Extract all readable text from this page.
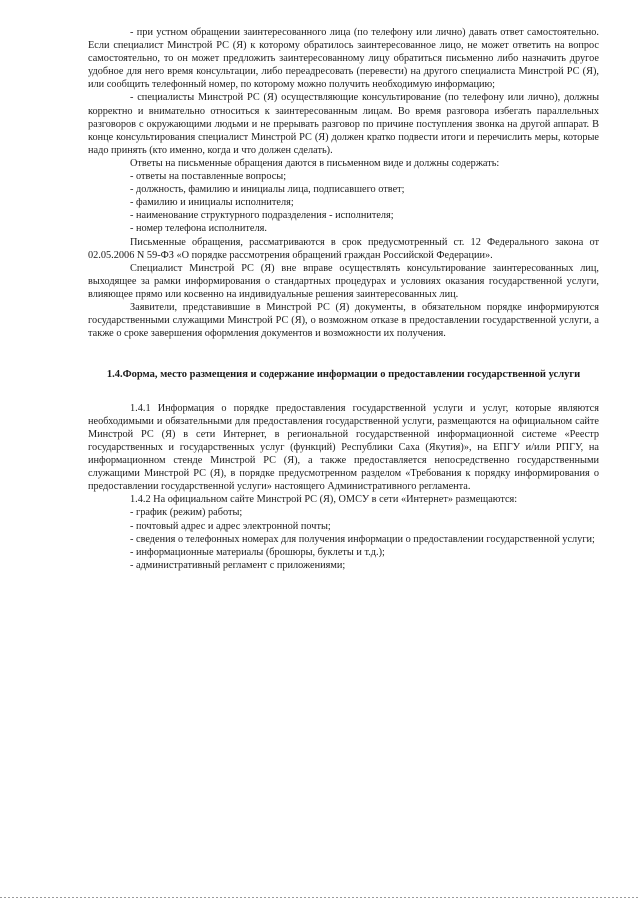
- при устном обращении заинтересованного лица (по телефону или лично) давать ответ самостоятельно. Если специалист Минстрой РС (Я) к которому обратилось заинтересованное лицо, не может ответить на вопрос самостоятельно, то он может предложить заинтересованному лицу обратиться письменно либо назначить другое удобное для него время консультации, либо переадресовать (перевести) на другого специалиста Минстрой РС (Я), или сообщить телефонный номер, по которому можно получить необходимую информацию;

- специалисты Минстрой РС (Я) осуществляющие консультирование (по телефону или лично), должны корректно и внимательно относиться к заинтересованным лицам. Во время разговора избегать параллельных разговоров с окружающими людьми и не прерывать разговор по причине поступления звонка на другой аппарат. В конце консультирования специалист Минстрой РС (Я) должен кратко подвести итоги и перечислить меры, которые надо принять (кто именно, когда и что должен сделать).

Ответы на письменные обращения даются в письменном виде и должны содержать:

- ответы на поставленные вопросы;

- должность, фамилию и инициалы лица, подписавшего ответ;

- фамилию и инициалы исполнителя;

- наименование структурного подразделения - исполнителя;

- номер телефона исполнителя.

Письменные обращения, рассматриваются в срок предусмотренный ст. 12 Федерального закона от 02.05.2006 N 59-ФЗ «О порядке рассмотрения обращений граждан Российской Федерации».

Специалист Минстрой РС (Я) вне вправе осуществлять консультирование заинтересованных лиц, выходящее за рамки информирования о стандартных процедурах и условиях оказания государственной услуги, влияющее прямо или косвенно на индивидуальные решения заинтересованных лиц.

Заявители, представившие в Минстрой РС (Я) документы, в обязательном порядке информируются государственными служащими Минстрой РС (Я), о возможном отказе в предоставлении государственной услуги, а также о сроке завершения оформления документов и возможности их получения.

1.4.Форма, место размещения и содержание информации о предоставлении государственной услуги

1.4.1 Информация о порядке предоставления государственной услуги и услуг, которые являются необходимыми и обязательными для предоставления государственной услуги, размещаются на официальном сайте Минстрой РС (Я) в сети Интернет, в региональной государственной информационной системе «Реестр государственных и государственных услуг (функций) Республики Саха (Якутия)», на ЕПГУ и/или РПГУ, на информационном стенде Минстрой РС (Я), а также предоставляется непосредственно государственными служащими Минстрой РС (Я), в порядке предусмотренном разделом «Требования к порядку информирования о предоставлении государственной услуги» настоящего Административного регламента.

1.4.2 На официальном сайте Минстрой РС (Я), ОМСУ в сети «Интернет» размещаются:

- график (режим) работы;

- почтовый адрес и адрес электронной почты;

- сведения о телефонных номерах для получения информации о предоставлении государственной услуги;

- информационные материалы (брошюры, буклеты и т.д.);

- административный регламент с приложениями;
